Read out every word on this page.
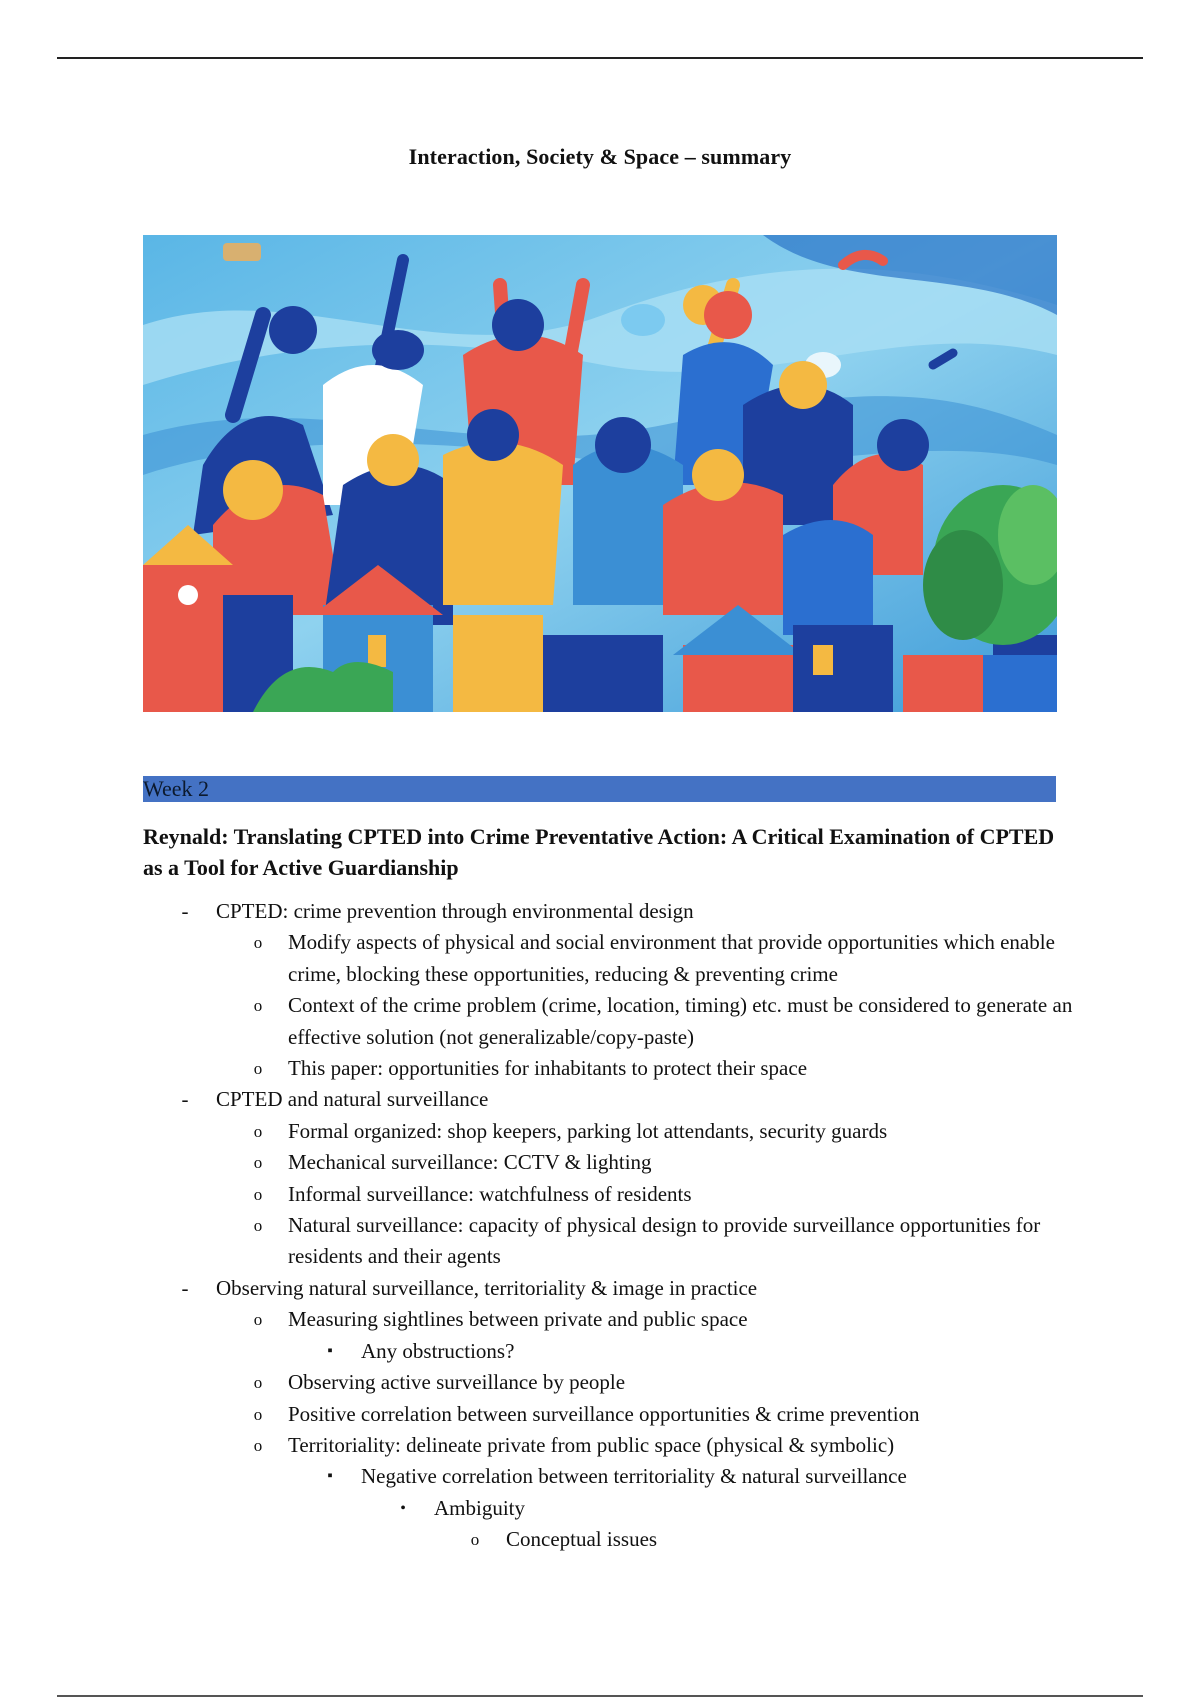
Interaction, Society & Space – summary
Week 2
Reynald: Translating CPTED into Crime Preventative Action: A Critical Examination of CPTED as a Tool for Active Guardianship
-	CPTED: crime prevention through environmental design
o	Modify aspects of physical and social environment that provide opportunities which enable crime, blocking these opportunities, reducing & preventing crime
o	Context of the crime problem (crime, location, timing) etc. must be considered to generate an effective solution (not generalizable/copy-paste)
o	This paper: opportunities for inhabitants to protect their space
-	CPTED and natural surveillance
o	Formal organized: shop keepers, parking lot attendants, security guards
o	Mechanical surveillance: CCTV & lighting
o	Informal surveillance: watchfulness of residents
o	Natural surveillance: capacity of physical design to provide surveillance opportunities for residents and their agents
-	Observing natural surveillance, territoriality & image in practice
o	Measuring sightlines between private and public space
▪	Any obstructions?
o	Observing active surveillance by people
o	Positive correlation between surveillance opportunities & crime prevention
o	Territoriality: delineate private from public space (physical & symbolic)
▪	Negative correlation between territoriality & natural surveillance
•	Ambiguity
o	Conceptual issues
